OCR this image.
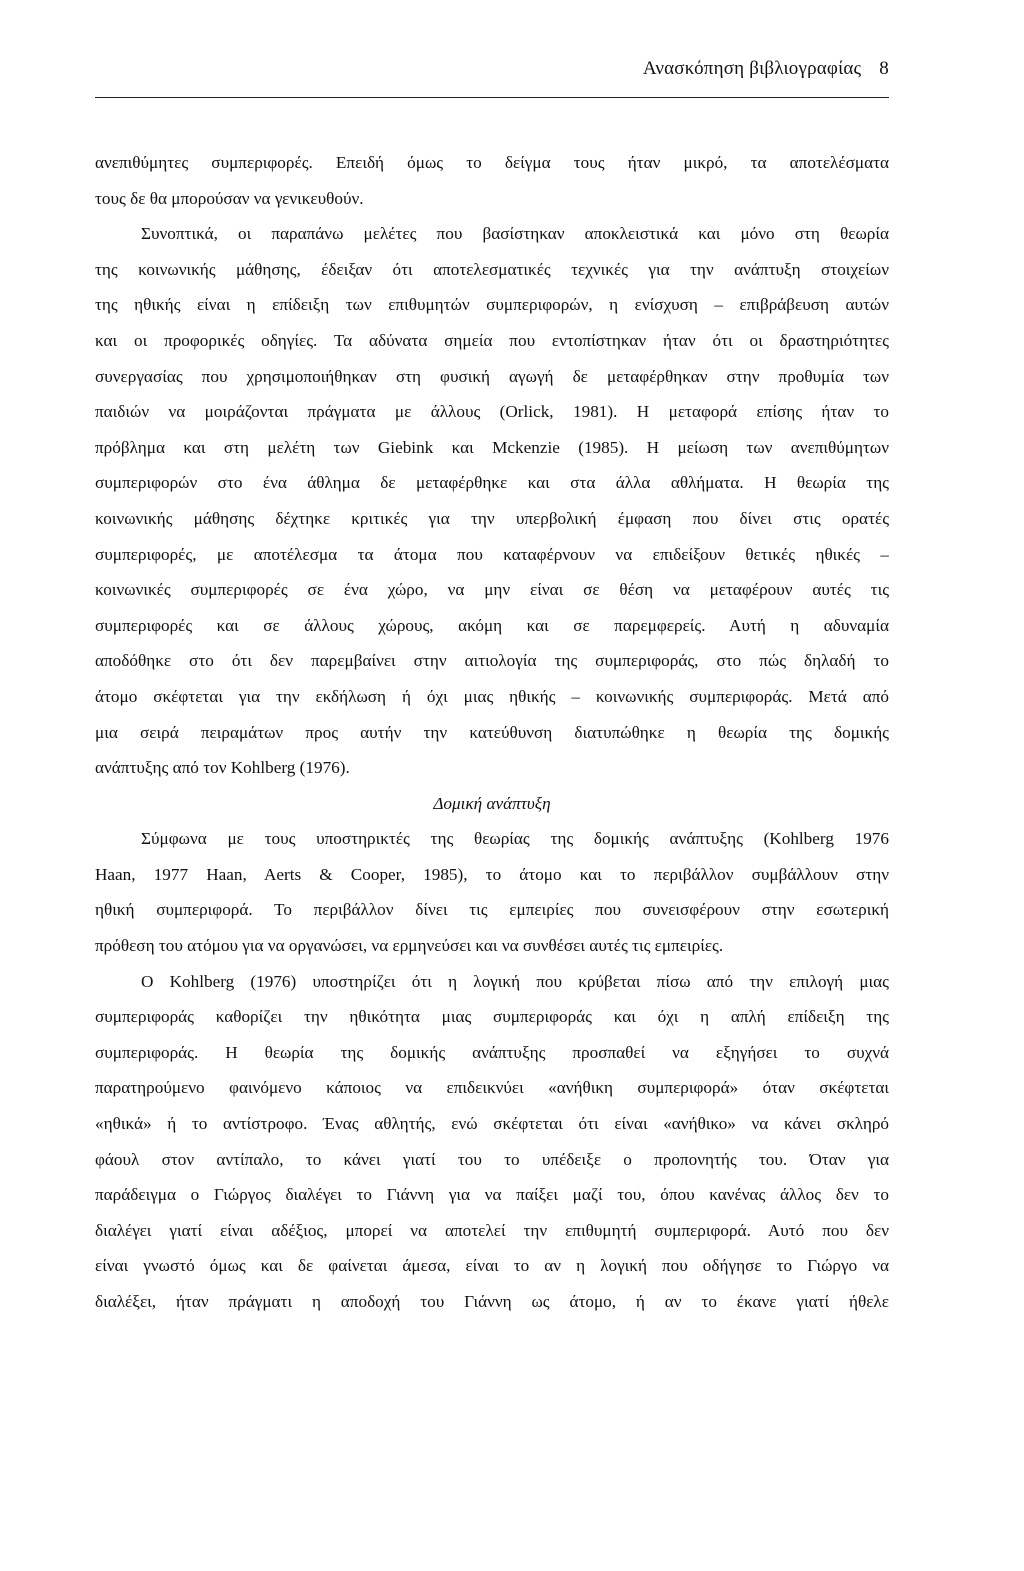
Ανασκόπηση βιβλιογραφίας 8
ανεπιθύμητες συμπεριφορές. Επειδή όμως το δείγμα τους ήταν μικρό, τα αποτελέσματα
τους δε θα μπορούσαν να γενικευθούν.
Συνοπτικά, οι παραπάνω μελέτες που βασίστηκαν αποκλειστικά και μόνο στη θεωρία
της κοινωνικής μάθησης, έδειξαν ότι αποτελεσματικές τεχνικές για την ανάπτυξη στοιχείων
της ηθικής είναι η επίδειξη των επιθυμητών συμπεριφορών, η ενίσχυση – επιβράβευση αυτών
και οι προφορικές οδηγίες. Τα αδύνατα σημεία που εντοπίστηκαν ήταν ότι οι δραστηριότητες
συνεργασίας που χρησιμοποιήθηκαν στη φυσική αγωγή δε μεταφέρθηκαν στην προθυμία των
παιδιών να μοιράζονται πράγματα με άλλους (Orlick, 1981). Η μεταφορά επίσης ήταν το
πρόβλημα και στη μελέτη των Giebink και Mckenzie (1985). Η μείωση των ανεπιθύμητων
συμπεριφορών στο ένα άθλημα δε μεταφέρθηκε και στα άλλα αθλήματα. Η θεωρία της
κοινωνικής μάθησης δέχτηκε κριτικές για την υπερβολική έμφαση που δίνει στις ορατές
συμπεριφορές, με αποτέλεσμα τα άτομα που καταφέρνουν να επιδείξουν θετικές ηθικές –
κοινωνικές συμπεριφορές σε ένα χώρο, να μην είναι σε θέση να μεταφέρουν αυτές τις
συμπεριφορές και σε άλλους χώρους, ακόμη και σε παρεμφερείς. Αυτή η αδυναμία
αποδόθηκε στο ότι δεν παρεμβαίνει στην αιτιολογία της συμπεριφοράς, στο πώς δηλαδή το
άτομο σκέφτεται για την εκδήλωση ή όχι μιας ηθικής – κοινωνικής συμπεριφοράς. Μετά από
μια σειρά πειραμάτων προς αυτήν την κατεύθυνση διατυπώθηκε η θεωρία της δομικής
ανάπτυξης από τον Kohlberg (1976).
Δομική ανάπτυξη
Σύμφωνα με τους υποστηρικτές της θεωρίας της δομικής ανάπτυξης (Kohlberg 1976
Haan, 1977 Haan, Aerts & Cooper, 1985), το άτομο και το περιβάλλον συμβάλλουν στην
ηθική συμπεριφορά. Το περιβάλλον δίνει τις εμπειρίες που συνεισφέρουν στην εσωτερική
πρόθεση του ατόμου για να οργανώσει, να ερμηνεύσει και να συνθέσει αυτές τις εμπειρίες.
Ο Kohlberg (1976) υποστηρίζει ότι η λογική που κρύβεται πίσω από την επιλογή μιας
συμπεριφοράς καθορίζει την ηθικότητα μιας συμπεριφοράς και όχι η απλή επίδειξη της
συμπεριφοράς. Η θεωρία της δομικής ανάπτυξης προσπαθεί να εξηγήσει το συχνά
παρατηρούμενο φαινόμενο κάποιος να επιδεικνύει «ανήθικη συμπεριφορά» όταν σκέφτεται
«ηθικά» ή το αντίστροφο. Ένας αθλητής, ενώ σκέφτεται ότι είναι «ανήθικο» να κάνει σκληρό
φάουλ στον αντίπαλο, το κάνει γιατί του το υπέδειξε ο προπονητής του. Όταν για
παράδειγμα ο Γιώργος διαλέγει το Γιάννη για να παίξει μαζί του, όπου κανένας άλλος δεν το
διαλέγει γιατί είναι αδέξιος, μπορεί να αποτελεί την επιθυμητή συμπεριφορά. Αυτό που δεν
είναι γνωστό όμως και δε φαίνεται άμεσα, είναι το αν η λογική που οδήγησε το Γιώργο να
διαλέξει, ήταν πράγματι η αποδοχή του Γιάννη ως άτομο, ή αν το έκανε γιατί ήθελε
